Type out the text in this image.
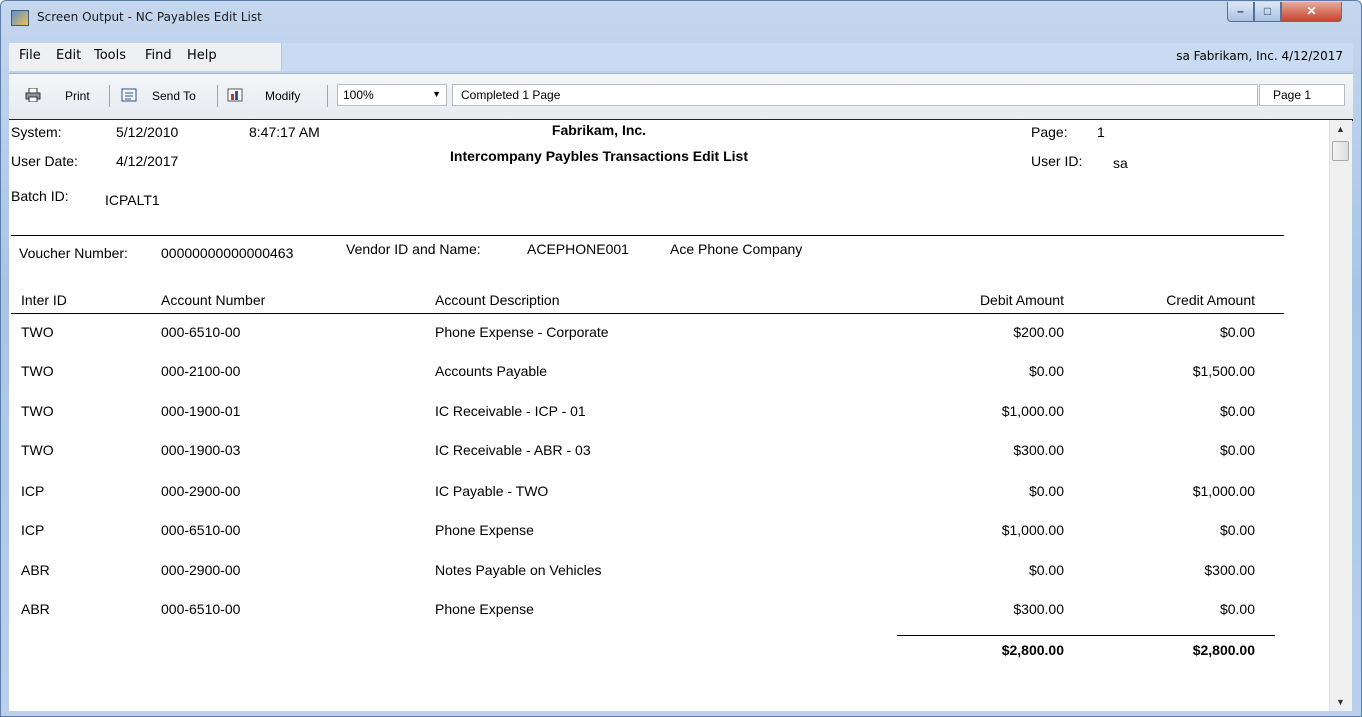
Screen Output - NC Payables Edit List	–	□	✕
File Edit Tools Find Help	sa Fabrikam, Inc. 4/12/2017
Print	Send To	Modify	100%	▼ Completed 1 Page	Page 1
System:	5/12/2010	8:47:17 AM
User Date:	4/12/2017
Batch ID:	ICPALT1
Fabrikam, Inc.
Intercompany Paybles Transactions Edit List
Page: 1
User ID: sa
Voucher Number: 00000000000000463	Vendor ID and Name:	ACEPHONE001	Ace Phone Company
Inter ID	Account Number	Account Description	Debit Amount	Credit Amount
TWO	000-6510-00	Phone Expense - Corporate	$200.00	$0.00
TWO	000-2100-00	Accounts Payable	$0.00	$1,500.00
TWO	000-1900-01	IC Receivable - ICP - 01	$1,000.00	$0.00
TWO	000-1900-03	IC Receivable - ABR - 03	$300.00	$0.00
ICP	000-2900-00	IC Payable - TWO	$0.00	$1,000.00
ICP	000-6510-00	Phone Expense	$1,000.00	$0.00
ABR	000-2900-00	Notes Payable on Vehicles	$0.00	$300.00
ABR	000-6510-00	Phone Expense	$300.00	$0.00
$2,800.00	$2,800.00
▲
▼
